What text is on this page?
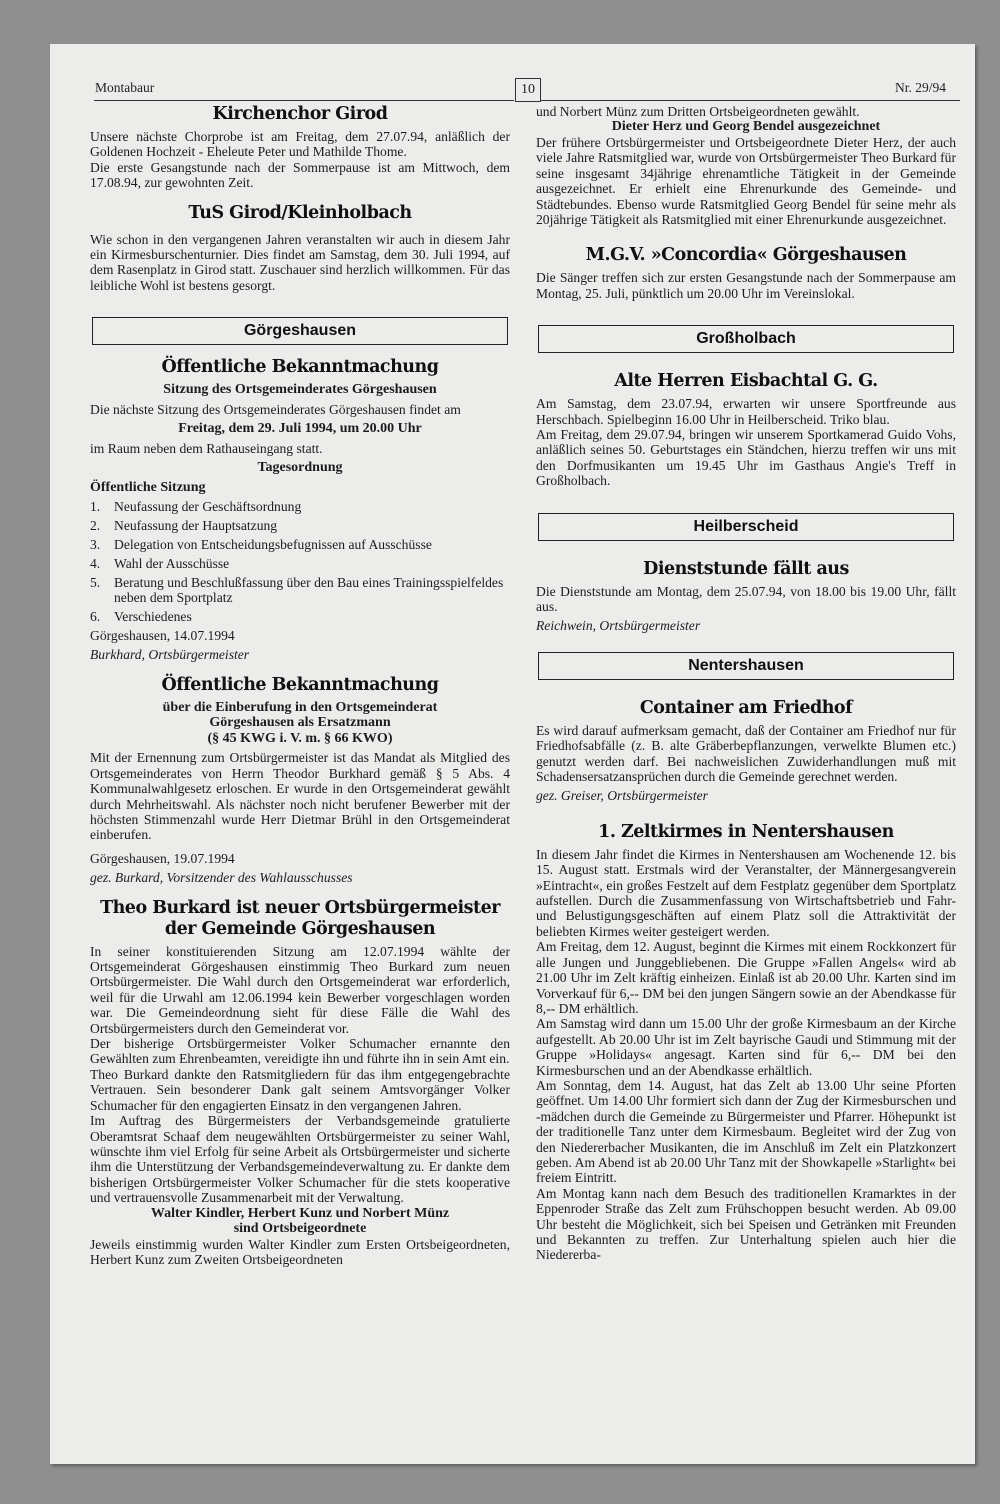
Montabaur	10	Nr. 29/94
Kirchenchor Girod

Unsere nächste Chorprobe ist am Freitag, dem 27.07.94, anläßlich der Goldenen Hochzeit - Eheleute Peter und Mathilde Thome.

Die erste Gesangstunde nach der Sommerpause ist am Mittwoch, dem 17.08.94, zur gewohnten Zeit.

TuS Girod/Kleinholbach

Wie schon in den vergangenen Jahren veranstalten wir auch in diesem Jahr ein Kirmesburschenturnier. Dies findet am Samstag, dem 30. Juli 1994, auf dem Rasenplatz in Girod statt. Zuschauer sind herzlich willkommen. Für das leibliche Wohl ist bestens gesorgt.

Görgeshausen
Öffentliche Bekanntmachung
Sitzung des Ortsgemeinderates Görgeshausen

Die nächste Sitzung des Ortsgemeinderates Görgeshausen findet am

Freitag, dem 29. Juli 1994, um 20.00 Uhr

im Raum neben dem Rathauseingang statt.

Tagesordnung
Öffentliche Sitzung
1.	Neufassung der Geschäftsordnung
2.	Neufassung der Hauptsatzung
3.	Delegation von Entscheidungsbefugnissen auf Ausschüsse
4.	Wahl der Ausschüsse
5.	Beratung und Beschlußfassung über den Bau eines Trainingsspielfeldes neben dem Sportplatz
6.	Verschiedenes

Görgeshausen, 14.07.1994

Burkhard, Ortsbürgermeister

Öffentliche Bekanntmachung
über die Einberufung in den Ortsgemeinderat
Görgeshausen als Ersatzmann
(§ 45 KWG i. V. m. § 66 KWO)

Mit der Ernennung zum Ortsbürgermeister ist das Mandat als Mitglied des Ortsgemeinderates von Herrn Theodor Burkhard gemäß § 5 Abs. 4 Kommunalwahlgesetz erloschen. Er wurde in den Ortsgemeinderat gewählt durch Mehrheitswahl. Als nächster noch nicht berufener Bewerber mit der höchsten Stimmenzahl wurde Herr Dietmar Brühl in den Ortsgemeinderat einberufen.

Görgeshausen, 19.07.1994

gez. Burkard, Vorsitzender des Wahlausschusses

Theo Burkard ist neuer Ortsbürgermeister
der Gemeinde Görgeshausen

In seiner konstituierenden Sitzung am 12.07.1994 wählte der Ortsgemeinderat Görgeshausen einstimmig Theo Burkard zum neuen Ortsbürgermeister. Die Wahl durch den Ortsgemeinderat war erforderlich, weil für die Urwahl am 12.06.1994 kein Bewerber vorgeschlagen worden war. Die Gemeindeordnung sieht für diese Fälle die Wahl des Ortsbürgermeisters durch den Gemeinderat vor.

Der bisherige Ortsbürgermeister Volker Schumacher ernannte den Gewählten zum Ehrenbeamten, vereidigte ihn und führte ihn in sein Amt ein.

Theo Burkard dankte den Ratsmitgliedern für das ihm entgegengebrachte Vertrauen. Sein besonderer Dank galt seinem Amtsvorgänger Volker Schumacher für den engagierten Einsatz in den vergangenen Jahren.

Im Auftrag des Bürgermeisters der Verbandsgemeinde gratulierte Oberamtsrat Schaaf dem neugewählten Ortsbürgermeister zu seiner Wahl, wünschte ihm viel Erfolg für seine Arbeit als Ortsbürgermeister und sicherte ihm die Unterstützung der Verbandsgemeindeverwaltung zu. Er dankte dem bisherigen Ortsbürgermeister Volker Schumacher für die stets kooperative und vertrauensvolle Zusammenarbeit mit der Verwaltung.

Walter Kindler, Herbert Kunz und Norbert Münz
sind Ortsbeigeordnete

Jeweils einstimmig wurden Walter Kindler zum Ersten Ortsbeigeordneten, Herbert Kunz zum Zweiten Ortsbeigeordneten

und Norbert Münz zum Dritten Ortsbeigeordneten gewählt.

Dieter Herz und Georg Bendel ausgezeichnet

Der frühere Ortsbürgermeister und Ortsbeigeordnete Dieter Herz, der auch viele Jahre Ratsmitglied war, wurde von Ortsbürgermeister Theo Burkard für seine insgesamt 34jährige ehrenamtliche Tätigkeit in der Gemeinde ausgezeichnet. Er erhielt eine Ehrenurkunde des Gemeinde- und Städtebundes. Ebenso wurde Ratsmitglied Georg Bendel für seine mehr als 20jährige Tätigkeit als Ratsmitglied mit einer Ehrenurkunde ausgezeichnet.

M.G.V. »Concordia« Görgeshausen

Die Sänger treffen sich zur ersten Gesangstunde nach der Sommerpause am Montag, 25. Juli, pünktlich um 20.00 Uhr im Vereinslokal.

Großholbach
Alte Herren Eisbachtal G. G.

Am Samstag, dem 23.07.94, erwarten wir unsere Sportfreunde aus Herschbach. Spielbeginn 16.00 Uhr in Heilberscheid. Triko blau.

Am Freitag, dem 29.07.94, bringen wir unserem Sportkamerad Guido Vohs, anläßlich seines 50. Geburtstages ein Ständchen, hierzu treffen wir uns mit den Dorfmusikanten um 19.45 Uhr im Gasthaus Angie's Treff in Großholbach.

Heilberscheid
Dienststunde fällt aus

Die Dienststunde am Montag, dem 25.07.94, von 18.00 bis 19.00 Uhr, fällt aus.

Reichwein, Ortsbürgermeister

Nentershausen
Container am Friedhof

Es wird darauf aufmerksam gemacht, daß der Container am Friedhof nur für Friedhofsabfälle (z. B. alte Gräberbepflanzungen, verwelkte Blumen etc.) genutzt werden darf. Bei nachweislichen Zuwiderhandlungen muß mit Schadensersatzansprüchen durch die Gemeinde gerechnet werden.

gez. Greiser, Ortsbürgermeister

1. Zeltkirmes in Nentershausen

In diesem Jahr findet die Kirmes in Nentershausen am Wochenende 12. bis 15. August statt. Erstmals wird der Veranstalter, der Männergesangverein »Eintracht«, ein großes Festzelt auf dem Festplatz gegenüber dem Sportplatz aufstellen. Durch die Zusammenfassung von Wirtschaftsbetrieb und Fahr- und Belustigungsgeschäften auf einem Platz soll die Attraktivität der beliebten Kirmes weiter gesteigert werden.

Am Freitag, dem 12. August, beginnt die Kirmes mit einem Rockkonzert für alle Jungen und Junggebliebenen. Die Gruppe »Fallen Angels« wird ab 21.00 Uhr im Zelt kräftig einheizen. Einlaß ist ab 20.00 Uhr. Karten sind im Vorverkauf für 6,-- DM bei den jungen Sängern sowie an der Abendkasse für 8,-- DM erhältlich.

Am Samstag wird dann um 15.00 Uhr der große Kirmesbaum an der Kirche aufgestellt. Ab 20.00 Uhr ist im Zelt bayrische Gaudi und Stimmung mit der Gruppe »Holidays« angesagt. Karten sind für 6,-- DM bei den Kirmesburschen und an der Abendkasse erhältlich.

Am Sonntag, dem 14. August, hat das Zelt ab 13.00 Uhr seine Pforten geöffnet. Um 14.00 Uhr formiert sich dann der Zug der Kirmesburschen und -mädchen durch die Gemeinde zu Bürgermeister und Pfarrer. Höhepunkt ist der traditionelle Tanz unter dem Kirmesbaum. Begleitet wird der Zug von den Niedererbacher Musikanten, die im Anschluß im Zelt ein Platzkonzert geben. Am Abend ist ab 20.00 Uhr Tanz mit der Showkapelle »Starlight« bei freiem Eintritt.

Am Montag kann nach dem Besuch des traditionellen Kramarktes in der Eppenroder Straße das Zelt zum Frühschoppen besucht werden. Ab 09.00 Uhr besteht die Möglichkeit, sich bei Speisen und Getränken mit Freunden und Bekannten zu treffen. Zur Unterhaltung spielen auch hier die Niedererba-
